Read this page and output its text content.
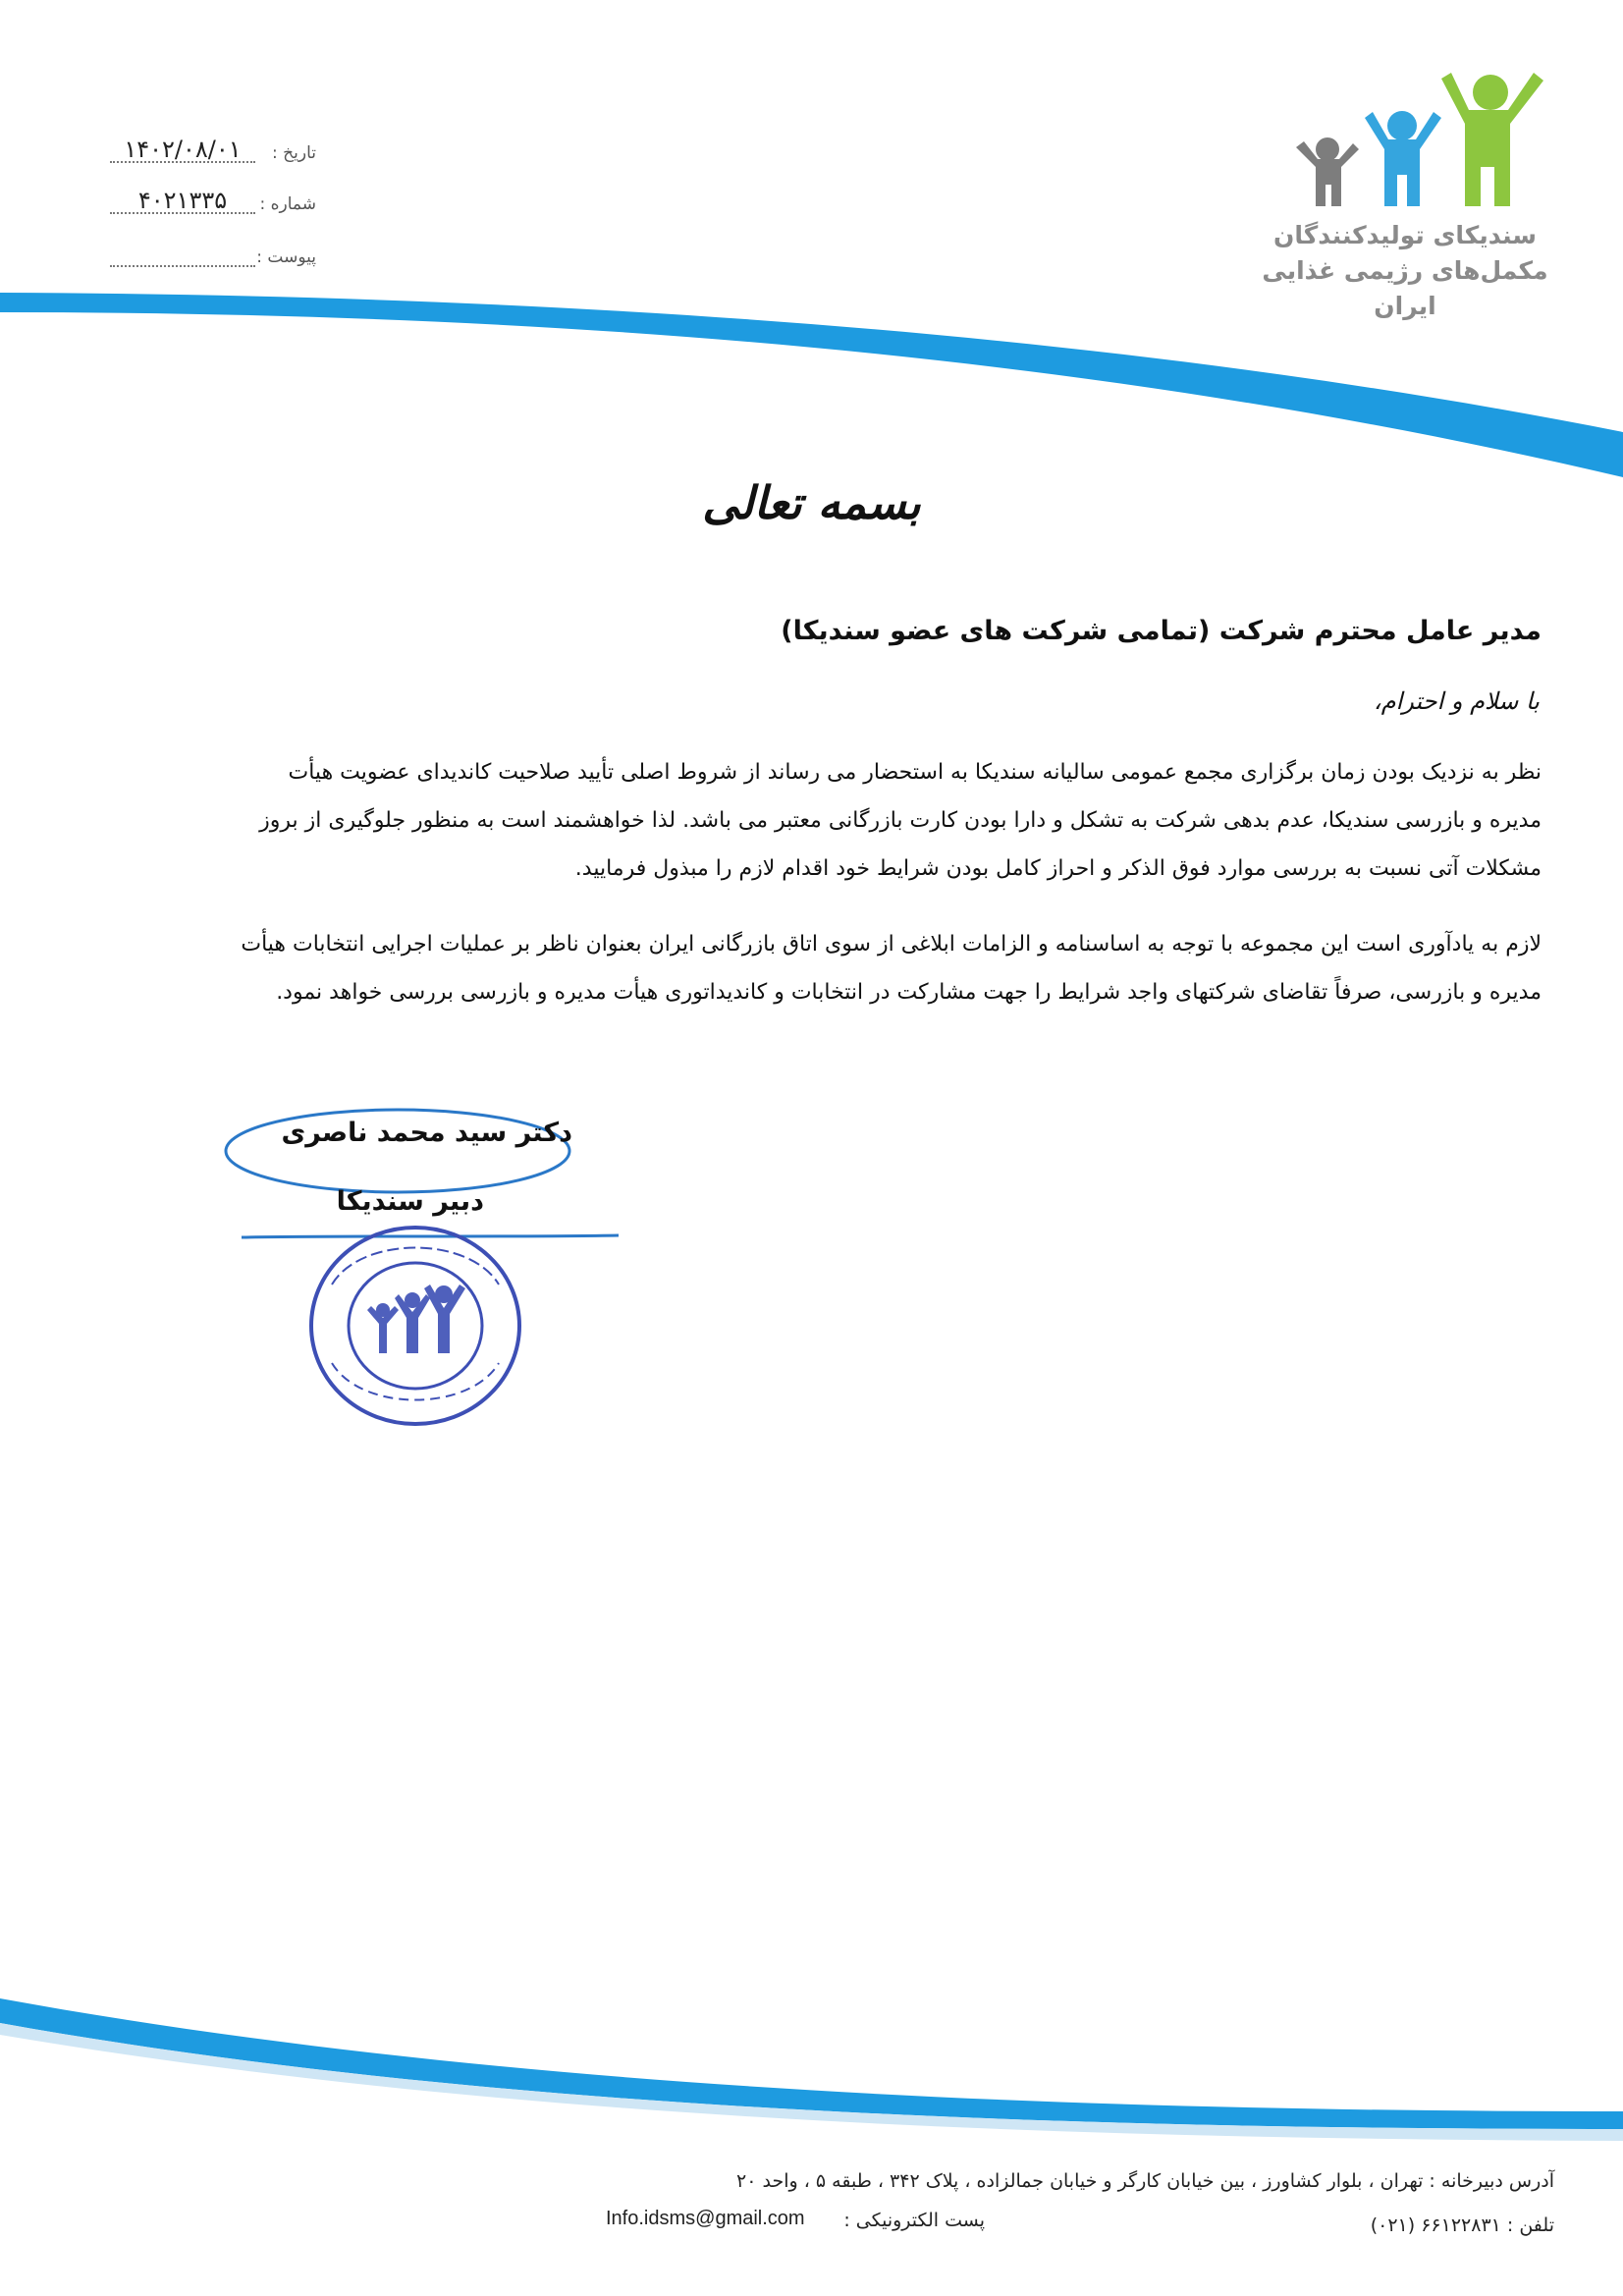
تاریخ :
۱۴۰۲/۰۸/۰۱
شماره :
۴۰۲۱۳۳۵
پیوست :
سندیکای تولیدکنندگان
مکمل‌های رژیمی غذایی
ایران
بسمه تعالی
مدیر عامل محترم شرکت (تمامی شرکت های عضو سندیکا)
با سلام و احترام،
نظر به نزدیک بودن زمان برگزاری مجمع عمومی سالیانه سندیکا به استحضار می رساند از شروط اصلی تأیید صلاحیت کاندیدای عضویت هیأت
مدیره و بازرسی سندیکا، عدم بدهی شرکت به تشکل و دارا بودن کارت بازرگانی معتبر می باشد. لذا خواهشمند است به منظور جلوگیری از بروز
مشکلات آتی نسبت به بررسی موارد فوق الذکر و احراز کامل بودن شرایط خود اقدام لازم را مبذول فرمایید.
لازم به یادآوری است این مجموعه با توجه به اساسنامه و الزامات ابلاغی از سوی اتاق بازرگانی ایران بعنوان ناظر بر عملیات اجرایی انتخابات هیأت
مدیره و بازرسی، صرفاً تقاضای شرکتهای واجد شرایط را جهت مشارکت در انتخابات و کاندیداتوری هیأت مدیره و بازرسی بررسی خواهد نمود.
دکتر سید محمد ناصری
دبیر سندیکا
آدرس دبیرخانه : تهران ، بلوار کشاورز ، بین خیابان کارگر و خیابان جمالزاده ، پلاک ۳۴۲ ، طبقه ۵ ، واحد ۲۰
تلفن : ۶۶۱۲۲۸۳۱ (۰۲۱)
پست الکترونیکی :
Info.idsms@gmail.com
